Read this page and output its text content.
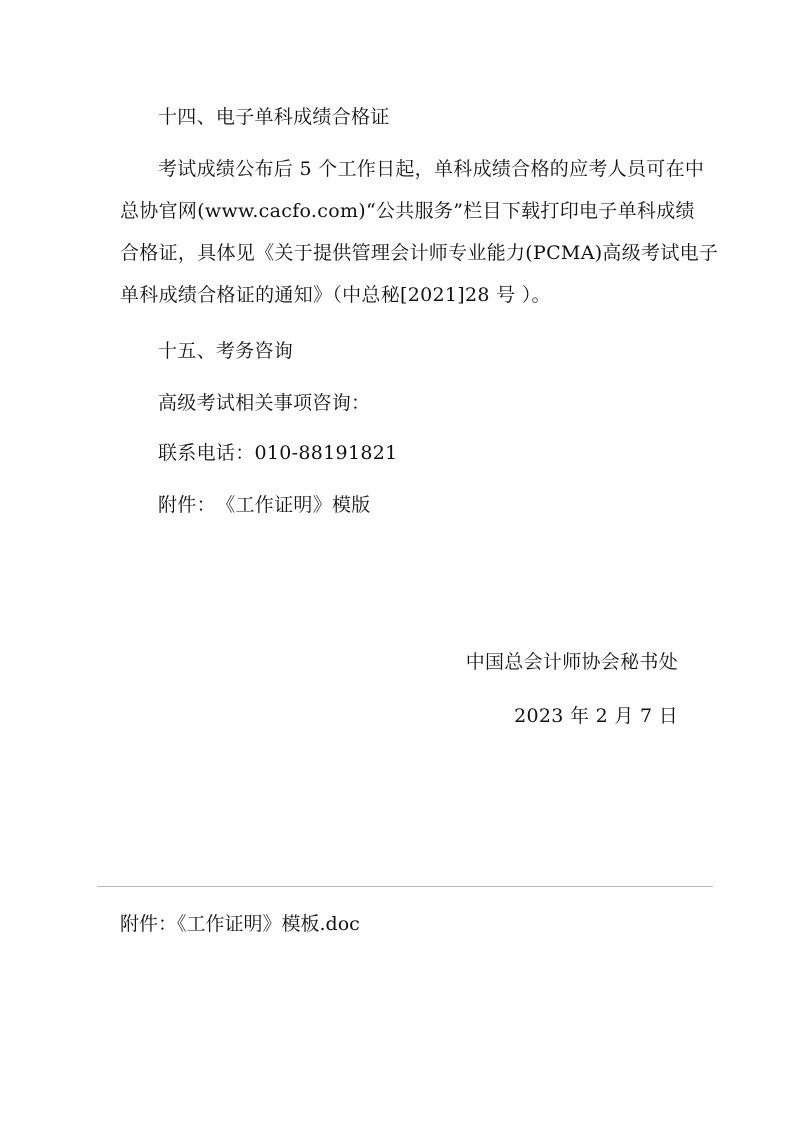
十四、电子单科成绩合格证
考试成绩公布后 5 个工作日起，单科成绩合格的应考人员可在中
总协官网(www.cacfo.com)“公共服务”栏目下载打印电子单科成绩
合格证，具体见《关于提供管理会计师专业能力(PCMA)高级考试电子
单科成绩合格证的通知》（中总秘[2021]28 号 ）。
十五、考务咨询
高级考试相关事项咨询：
联系电话：010-88191821
附件：　《工作证明》模版
中国总会计师协会秘书处
2023 年 2 月 7 日
附件：《工作证明》模板.doc
